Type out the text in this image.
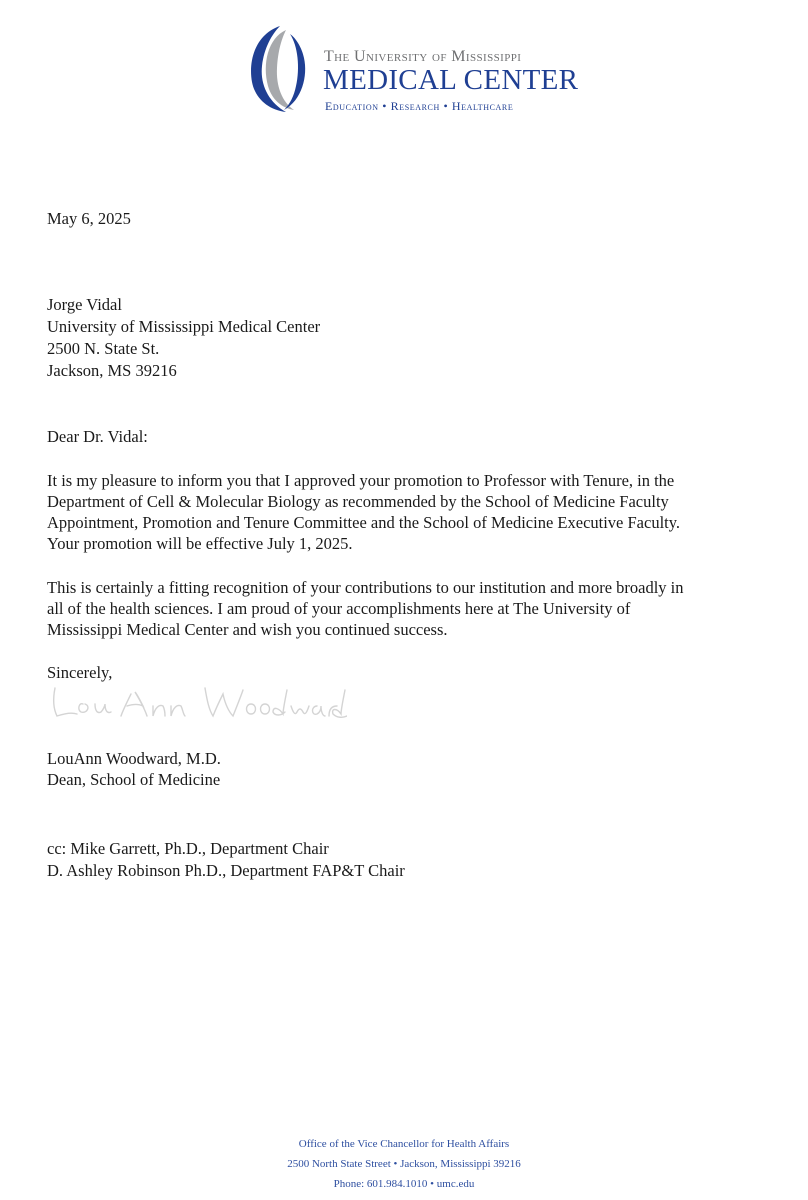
The University of Mississippi
MEDICAL CENTER
Education • Research • Healthcare
May 6, 2025
Jorge Vidal
University of Mississippi Medical Center
2500 N. State St.
Jackson, MS 39216
Dear Dr. Vidal:
It is my pleasure to inform you that I approved your promotion to Professor with Tenure, in the
Department of Cell & Molecular Biology as recommended by the School of Medicine Faculty
Appointment, Promotion and Tenure Committee and the School of Medicine Executive Faculty.
Your promotion will be effective July 1, 2025.
This is certainly a fitting recognition of your contributions to our institution and more broadly in
all of the health sciences. I am proud of your accomplishments here at The University of
Mississippi Medical Center and wish you continued success.
Sincerely,
LouAnn Woodward, M.D.
Dean, School of Medicine
cc: Mike Garrett, Ph.D., Department Chair
D. Ashley Robinson Ph.D., Department FAP&T Chair
Office of the Vice Chancellor for Health Affairs
2500 North State Street • Jackson, Mississippi 39216
Phone: 601.984.1010 • umc.edu
